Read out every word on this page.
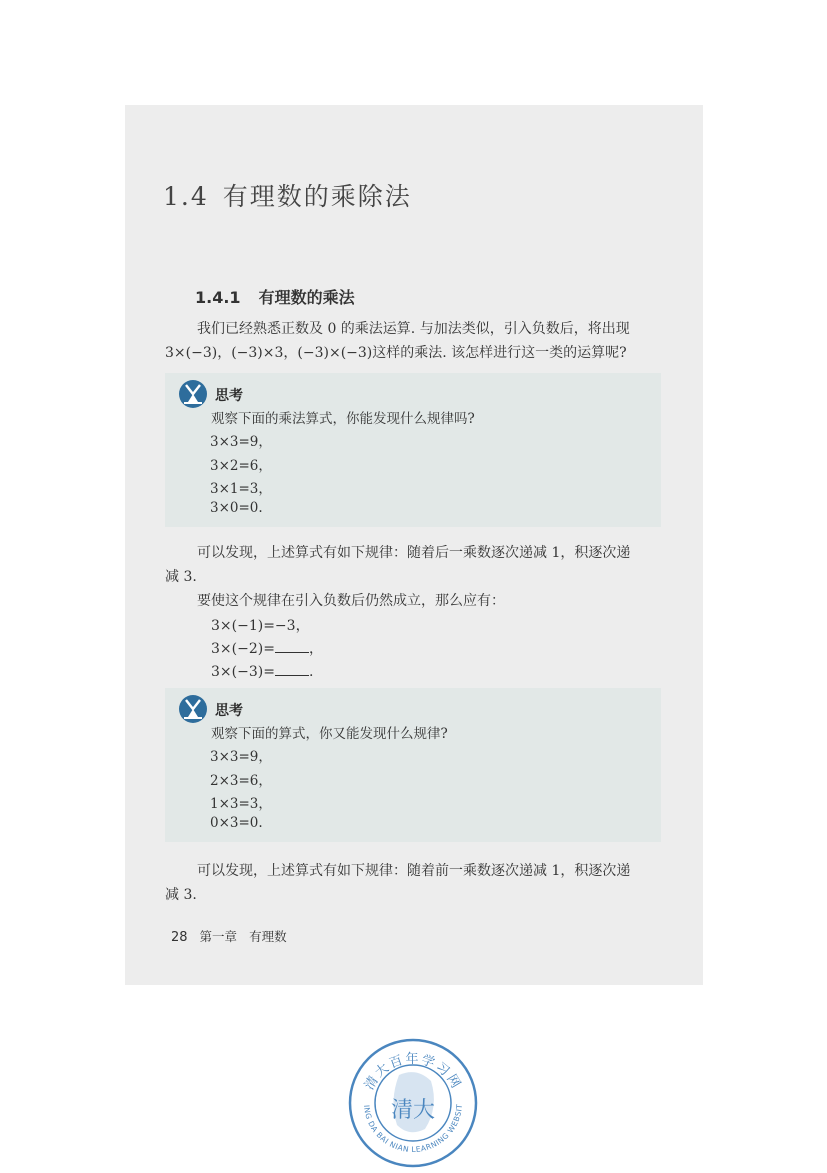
1.4 有理数的乘除法
1.4.1 有理数的乘法
我们已经熟悉正数及 0 的乘法运算. 与加法类似，引入负数后，将出现
3×(−3)，(−3)×3，(−3)×(−3)这样的乘法. 该怎样进行这一类的运算呢?
思考
观察下面的乘法算式，你能发现什么规律吗?
3×3=9，
3×2=6，
3×1=3，
3×0=0.
可以发现，上述算式有如下规律：随着后一乘数逐次递减 1，积逐次递
减 3.
要使这个规律在引入负数后仍然成立，那么应有：
3×(−1)=−3，
3×(−2)= ，
3×(−3)= .
思考
观察下面的算式，你又能发现什么规律?
3×3=9，
2×3=6，
1×3=3，
0×3=0.
可以发现，上述算式有如下规律：随着前一乘数逐次递减 1，积逐次递
减 3.
28 第一章 有理数
清大百年学习网
ING DA BAI NIAN LEARNING WEBSIT
清大
